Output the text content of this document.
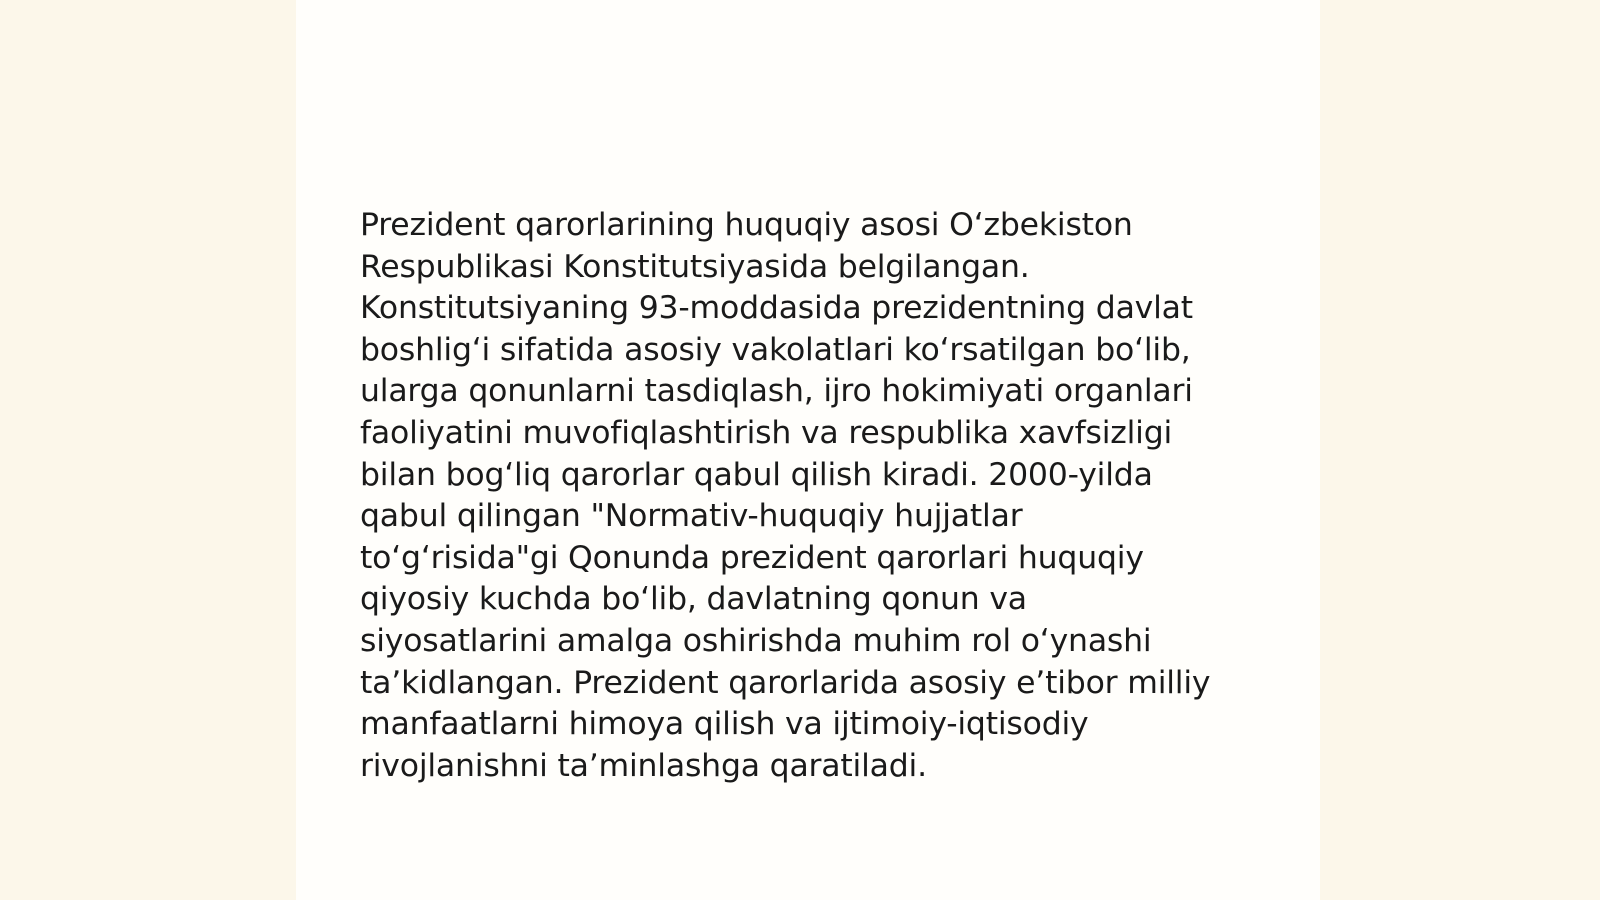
Prezident qarorlarining huquqiy asosi Oʻzbekiston
Respublikasi Konstitutsiyasida belgilangan.
Konstitutsiyaning 93-moddasida prezidentning davlat
boshligʻi sifatida asosiy vakolatlari koʻrsatilgan boʻlib,
ularga qonunlarni tasdiqlash, ijro hokimiyati organlari
faoliyatini muvofiqlashtirish va respublika xavfsizligi
bilan bogʻliq qarorlar qabul qilish kiradi. 2000-yilda
qabul qilingan "Normativ-huquqiy hujjatlar
toʻgʻrisida"gi Qonunda prezident qarorlari huquqiy
qiyosiy kuchda boʻlib, davlatning qonun va
siyosatlarini amalga oshirishda muhim rol oʻynashi
taʼkidlangan. Prezident qarorlarida asosiy eʼtibor milliy
manfaatlarni himoya qilish va ijtimoiy-iqtisodiy
rivojlanishni taʼminlashga qaratiladi.
